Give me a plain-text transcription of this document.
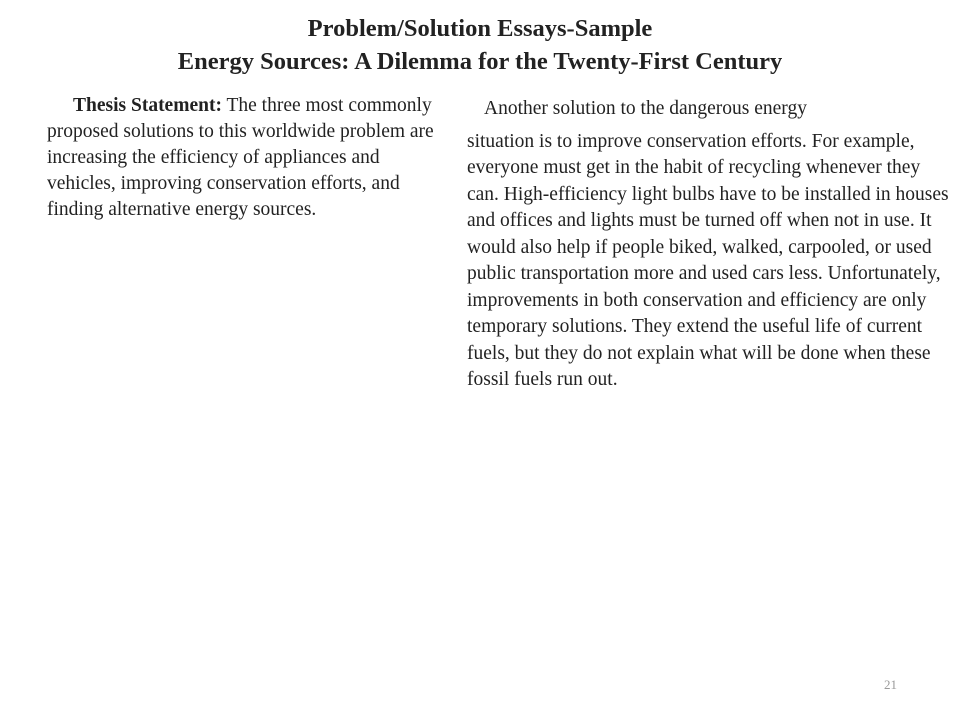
Problem/Solution Essays-Sample
Energy Sources: A Dilemma for the Twenty-First Century
Thesis Statement: The three most commonly proposed solutions to this worldwide problem are increasing the efficiency of appliances and vehicles, improving conservation efforts, and finding alternative energy sources.
Another solution to the dangerous energy
situation is to improve conservation efforts. For example, everyone must get in the habit of recycling whenever they can. High-efficiency light bulbs have to be installed in houses and offices and lights must be turned off when not in use. It would also help if people biked, walked, carpooled, or used public transportation more and used cars less. Unfortunately, improvements in both conservation and efficiency are only temporary solutions. They extend the useful life of current fuels, but they do not explain what will be done when these fossil fuels run out.
21
